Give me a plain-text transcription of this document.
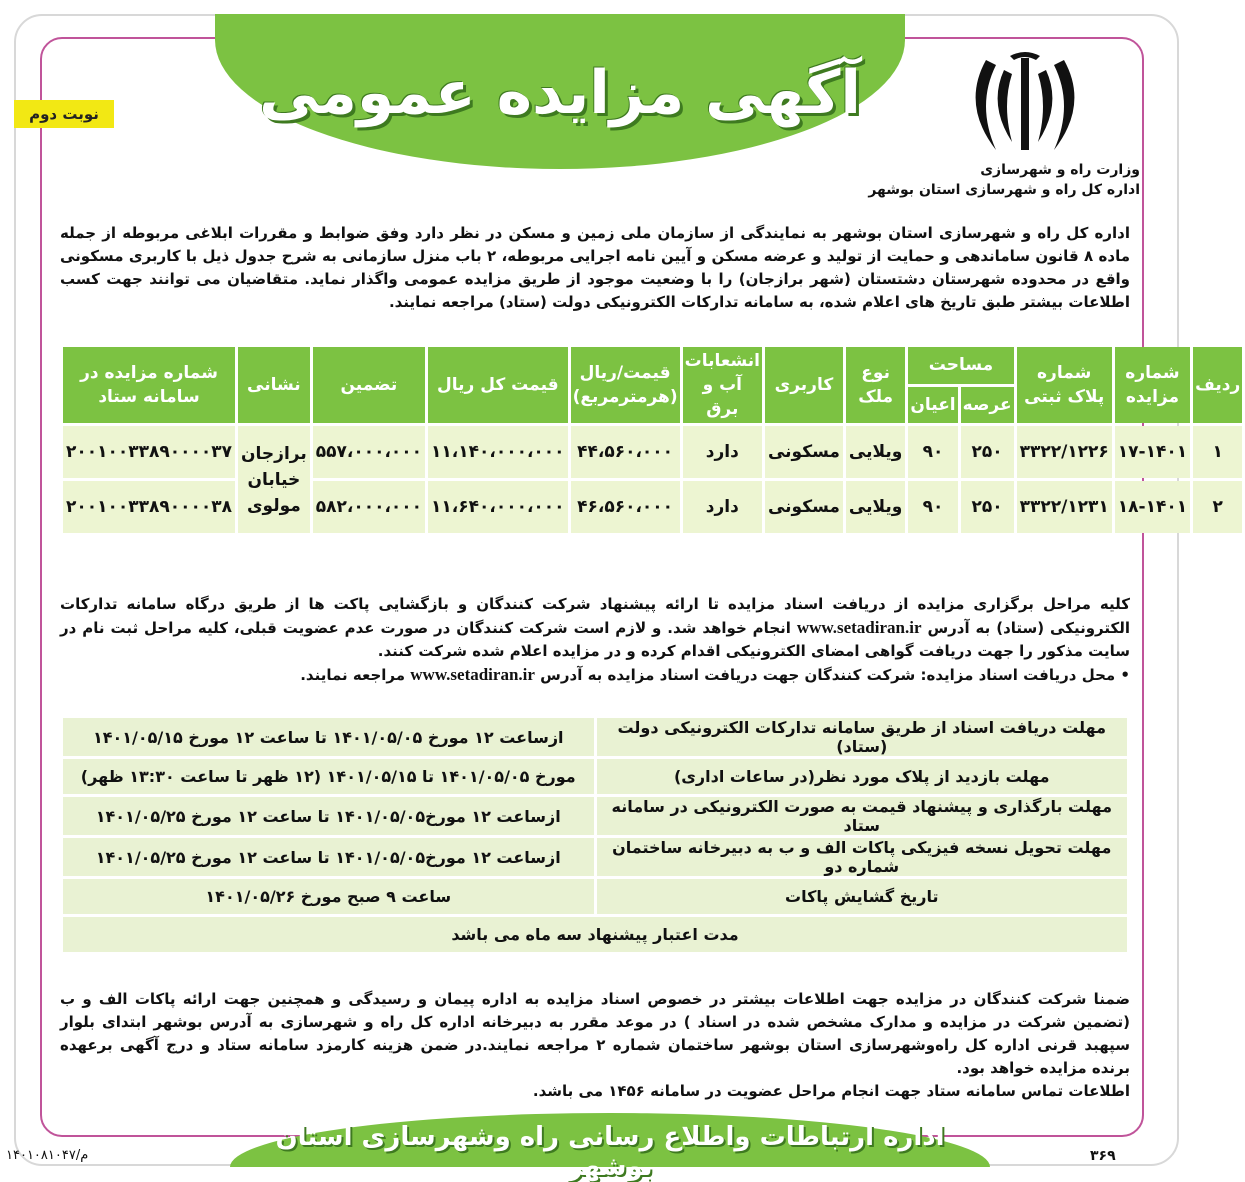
آگهی مزایده عمومی
نوبت دوم
وزارت راه و شهرسازی
اداره کل راه و شهرسازی استان بوشهر

اداره کل راه و شهرسازی استان بوشهر به نمایندگی از سازمان ملی زمین و مسکن در نظر دارد وفق ضوابط و مقررات ابلاغی مربوطه از جمله ماده ۸ قانون ساماندهی و حمایت از تولید و عرضه مسکن و آیین نامه اجرایی مربوطه، ۲ باب منزل سازمانی به شرح جدول ذیل با کاربری مسکونی واقع در محدوده شهرستان دشتستان (شهر برازجان) را با وضعیت موجود از طریق مزایده عمومی واگذار نماید. متقاضیان می توانند جهت کسب اطلاعات بیشتر طبق تاریخ های اعلام شده، به سامانه تدارکات الکترونیکی دولت (ستاد) مراجعه نمایند.

ردیف	شماره مزایده	شماره پلاک ثبتی	مساحت		نوع ملک	کاربری	انشعابات آب و برق	قیمت/ریال (هرمترمربع)	قیمت کل ریال	تضمین	نشانی	شماره مزایده در سامانه ستاد
			عرصه	اعیان								
۱	۱۷-۱۴۰۱	۳۳۲۲/۱۲۲۶	۲۵۰	۹۰	ویلایی	مسکونی	دارد	۴۴،۵۶۰،۰۰۰	۱۱،۱۴۰،۰۰۰،۰۰۰	۵۵۷،۰۰۰،۰۰۰	برازجان خیابان مولوی	۲۰۰۱۰۰۳۳۸۹۰۰۰۰۳۷
۲	۱۸-۱۴۰۱	۳۳۲۲/۱۲۳۱	۲۵۰	۹۰	ویلایی	مسکونی	دارد	۴۶،۵۶۰،۰۰۰	۱۱،۶۴۰،۰۰۰،۰۰۰	۵۸۲،۰۰۰،۰۰۰		۲۰۰۱۰۰۳۳۸۹۰۰۰۰۳۸

کلیه مراحل برگزاری مزایده از دریافت اسناد مزایده تا ارائه پیشنهاد شرکت کنندگان و بازگشایی پاکت ها از طریق درگاه سامانه تدارکات الکترونیکی (ستاد) به آدرس www.setadiran.ir انجام خواهد شد. و لازم است شرکت کنندگان در صورت عدم عضویت قبلی، کلیه مراحل ثبت نام در سایت مذکور را جهت دریافت گواهی امضای الکترونیکی اقدام کرده و در مزایده اعلام شده شرکت کنند.

• محل دریافت اسناد مزایده: شرکت کنندگان جهت دریافت اسناد مزایده به آدرس www.setadiran.ir مراجعه نمایند.

مهلت دریافت اسناد از طریق سامانه تدارکات الکترونیکی دولت (ستاد)	ازساعت ۱۲ مورخ ۱۴۰۱/۰۵/۰۵ تا ساعت ۱۲ مورخ ۱۴۰۱/۰۵/۱۵
مهلت بازدید از پلاک مورد نظر(در ساعات اداری)	مورخ ۱۴۰۱/۰۵/۰۵ تا ۱۴۰۱/۰۵/۱۵ (۱۲ ظهر تا ساعت ۱۳:۳۰ ظهر)
مهلت بارگذاری و پیشنهاد قیمت به صورت الکترونیکی در سامانه ستاد	ازساعت ۱۲ مورخ۱۴۰۱/۰۵/۰۵ تا ساعت ۱۲ مورخ ۱۴۰۱/۰۵/۲۵
مهلت تحویل نسخه فیزیکی پاکات الف و ب به دبیرخانه ساختمان شماره دو	ازساعت ۱۲ مورخ۱۴۰۱/۰۵/۰۵ تا ساعت ۱۲ مورخ ۱۴۰۱/۰۵/۲۵
تاریخ گشایش پاکات	ساعت ۹ صبح مورخ ۱۴۰۱/۰۵/۲۶
مدت اعتبار پیشنهاد سه ماه می باشد	

ضمنا شرکت کنندگان در مزایده جهت اطلاعات بیشتر در خصوص اسناد مزایده به اداره پیمان و رسیدگی و همچنین جهت ارائه پاکات الف و ب (تضمین شرکت در مزایده و مدارک مشخص شده در اسناد ) در موعد مقرر به دبیرخانه اداره کل راه و شهرسازی به آدرس بوشهر ابتدای بلوار سپهبد قرنی اداره کل راه‌وشهرسازی استان بوشهر ساختمان شماره ۲ مراجعه نمایند.در ضمن هزینه کارمزد سامانه ستاد و درج آگهی برعهده برنده مزایده خواهد بود.

اطلاعات تماس سامانه ستاد جهت انجام مراحل عضویت در سامانه ۱۴۵۶ می باشد.

اداره ارتباطات واطلاع رسانی راه وشهرسازی استان بوشهر	۳۶۹
۱۴۰۱۰۸۱۰۴۷/م
